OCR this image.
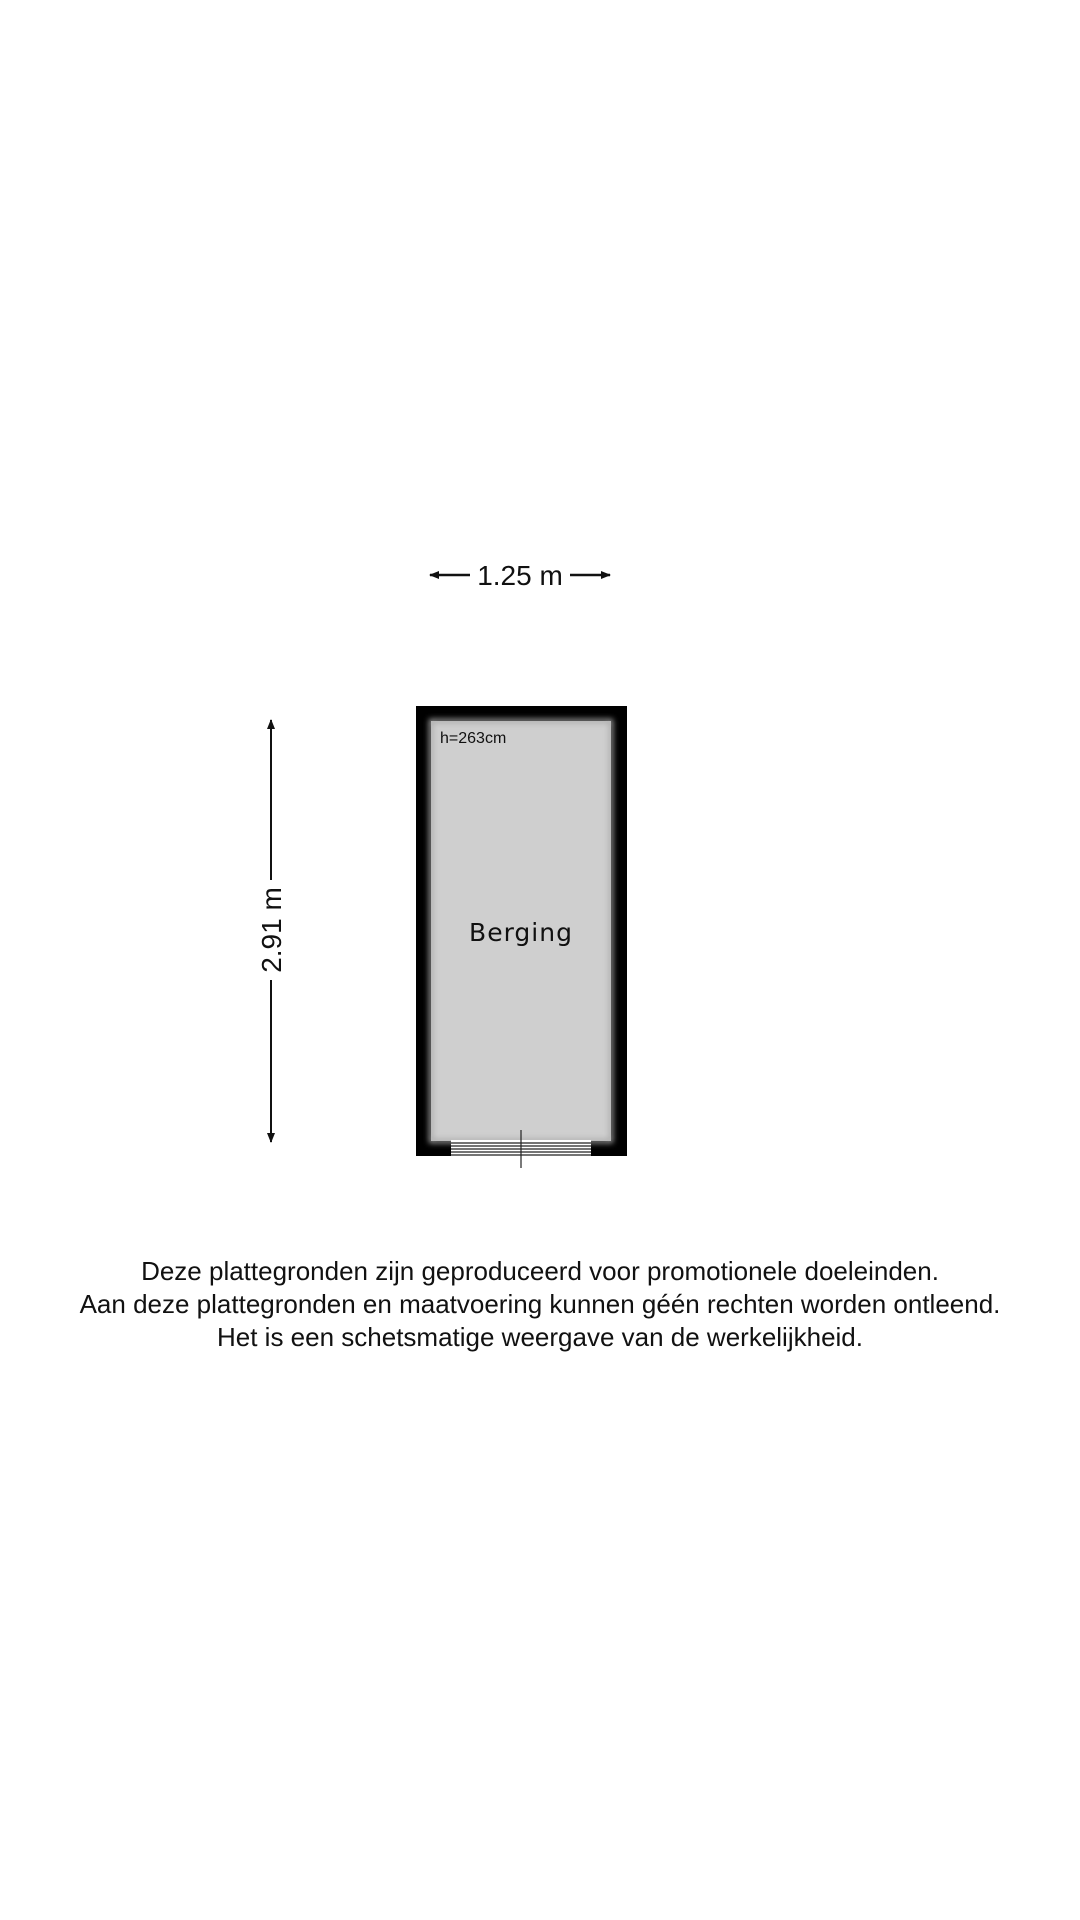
1.25 m
2.91 m
h=263cm
Berging
Deze plattegronden zijn geproduceerd voor promotionele doeleinden.
Aan deze plattegronden en maatvoering kunnen géén rechten worden ontleend.
Het is een schetsmatige weergave van de werkelijkheid.
